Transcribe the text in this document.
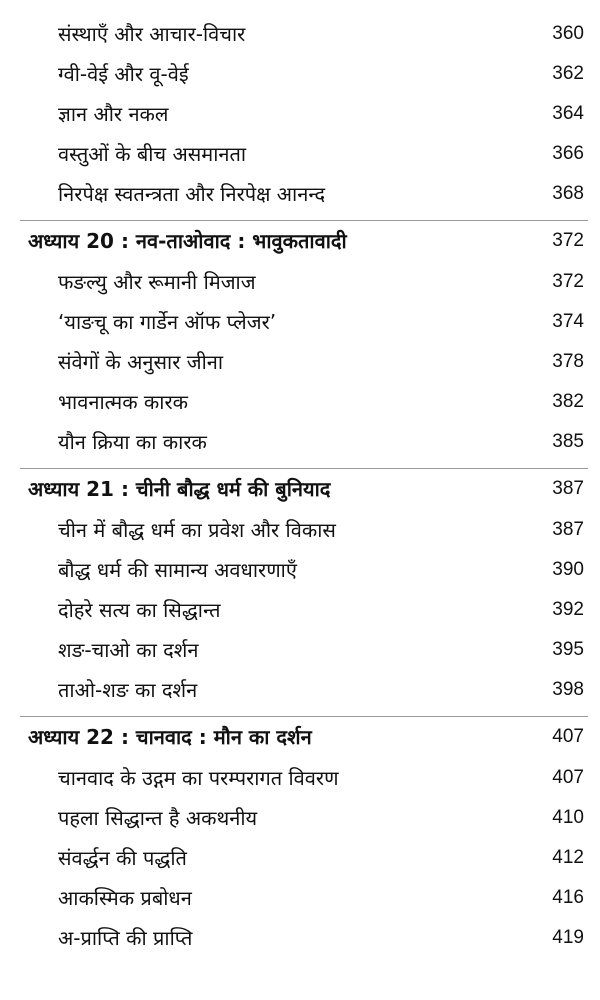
संस्थाएँ और आचार-विचार	360
ग्वी-वेई और वू-वेई	362
ज्ञान और नकल	364
वस्तुओं के बीच असमानता	366
निरपेक्ष स्वतन्त्रता और निरपेक्ष आनन्द	368
अध्याय 20 : नव-ताओवाद : भावुकतावादी	372
फङल्यु और रूमानी मिजाज	372
‘याङचू का गार्डेन ऑफ प्लेजर’	374
संवेगों के अनुसार जीना	378
भावनात्मक कारक	382
यौन क्रिया का कारक	385
अध्याय 21 : चीनी बौद्ध धर्म की बुनियाद	387
चीन में बौद्ध धर्म का प्रवेश और विकास	387
बौद्ध धर्म की सामान्य अवधारणाएँ	390
दोहरे सत्य का सिद्धान्त	392
शङ-चाओ का दर्शन	395
ताओ-शङ का दर्शन	398
अध्याय 22 : चानवाद : मौन का दर्शन	407
चानवाद के उद्गम का परम्परागत विवरण	407
पहला सिद्धान्त है अकथनीय	410
संवर्द्धन की पद्धति	412
आकस्मिक प्रबोधन	416
अ-प्राप्ति की प्राप्ति	419
